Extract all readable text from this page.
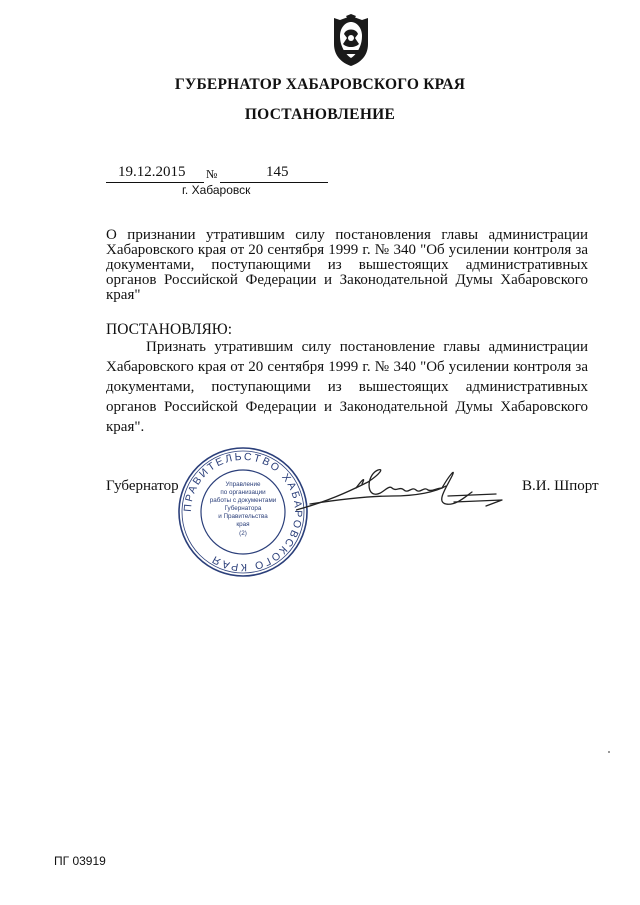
ГУБЕРНАТОР ХАБАРОВСКОГО КРАЯ
ПОСТАНОВЛЕНИЕ
19.12.2015 №	145
г. Хабаровск
О признании утратившим силу постановления главы администрации Хабаровского края от 20 сентября 1999 г. № 340 "Об усилении контроля за документами, поступающими из вышестоящих административных органов Российской Федерации и Законодательной Думы Хабаровского края"
ПОСТАНОВЛЯЮ:
Признать утратившим силу постановление главы администрации Хабаровского края от 20 сентября 1999 г. № 340 "Об усилении контроля за документами, поступающими из вышестоящих административных органов Российской Федерации и Законодательной Думы Хабаровского края".
Губернатор	В.И. Шпорт
ПРАВИТЕЛЬСТВО ХАБАРОВСКОГО КРАЯ
Управление
по организации
работы с документами
Губернатора
и Правительства
края
(2)
ПГ 03919
